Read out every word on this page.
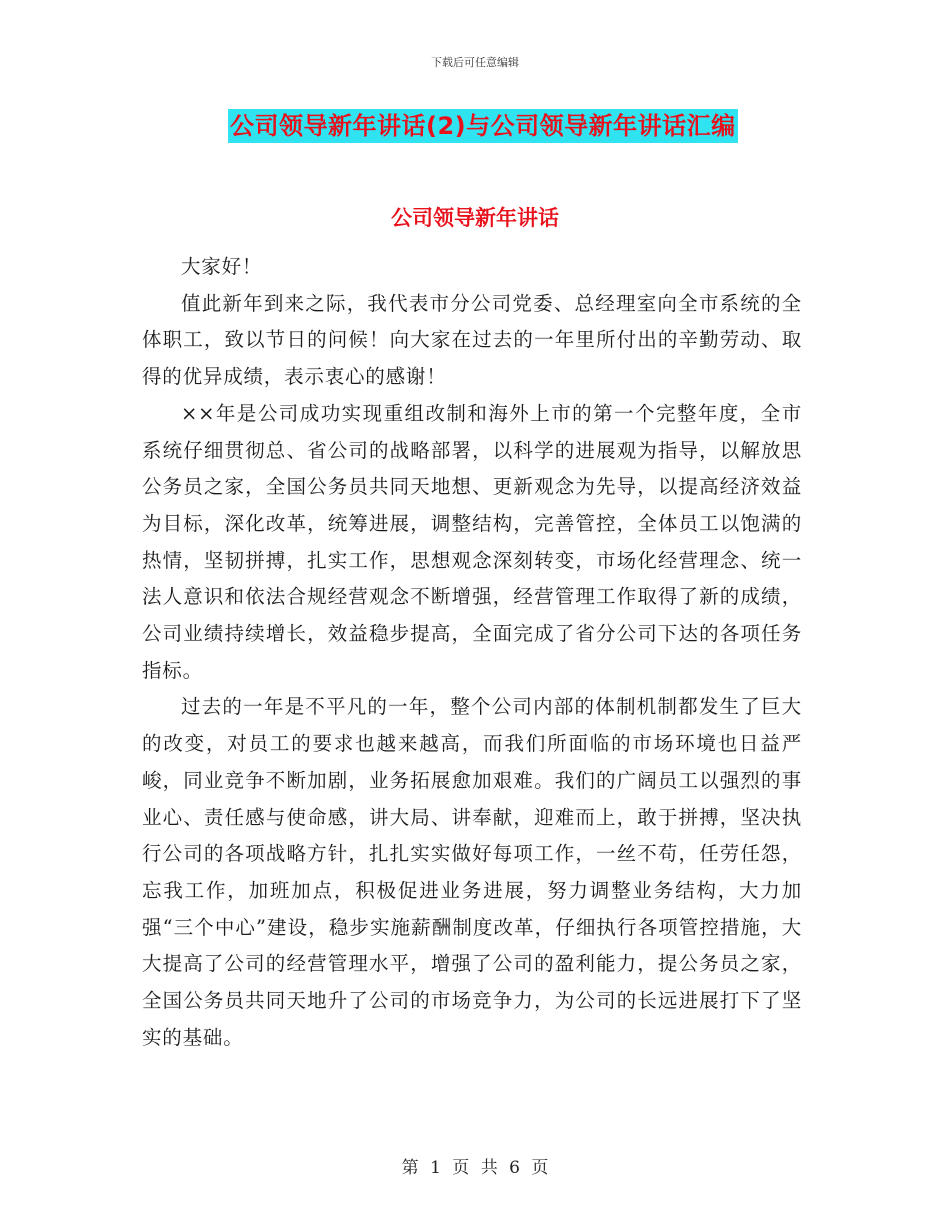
下载后可任意编辑
公司领导新年讲话(2)与公司领导新年讲话汇编
公司领导新年讲话

大家好！

值此新年到来之际，我代表市分公司党委、总经理室向全市系统的全体职工，致以节日的问候！向大家在过去的一年里所付出的辛勤劳动、取得的优异成绩，表示衷心的感谢！

××年是公司成功实现重组改制和海外上市的第一个完整年度，全市系统仔细贯彻总、省公司的战略部署，以科学的进展观为指导，以解放思公务员之家，全国公务员共同天地想、更新观念为先导，以提高经济效益为目标，深化改革，统筹进展，调整结构，完善管控，全体员工以饱满的热情，坚韧拼搏，扎实工作，思想观念深刻转变，市场化经营理念、统一法人意识和依法合规经营观念不断增强，经营管理工作取得了新的成绩，公司业绩持续增长，效益稳步提高，全面完成了省分公司下达的各项任务指标。

过去的一年是不平凡的一年，整个公司内部的体制机制都发生了巨大的改变，对员工的要求也越来越高，而我们所面临的市场环境也日益严峻，同业竞争不断加剧，业务拓展愈加艰难。我们的广阔员工以强烈的事业心、责任感与使命感，讲大局、讲奉献，迎难而上，敢于拼搏，坚决执行公司的各项战略方针，扎扎实实做好每项工作，一丝不苟，任劳任怨，忘我工作，加班加点，积极促进业务进展，努力调整业务结构，大力加强“三个中心”建设，稳步实施薪酬制度改革，仔细执行各项管控措施，大大提高了公司的经营管理水平，增强了公司的盈利能力，提公务员之家，全国公务员共同天地升了公司的市场竞争力，为公司的长远进展打下了坚实的基础。

第 1 页 共 6 页
